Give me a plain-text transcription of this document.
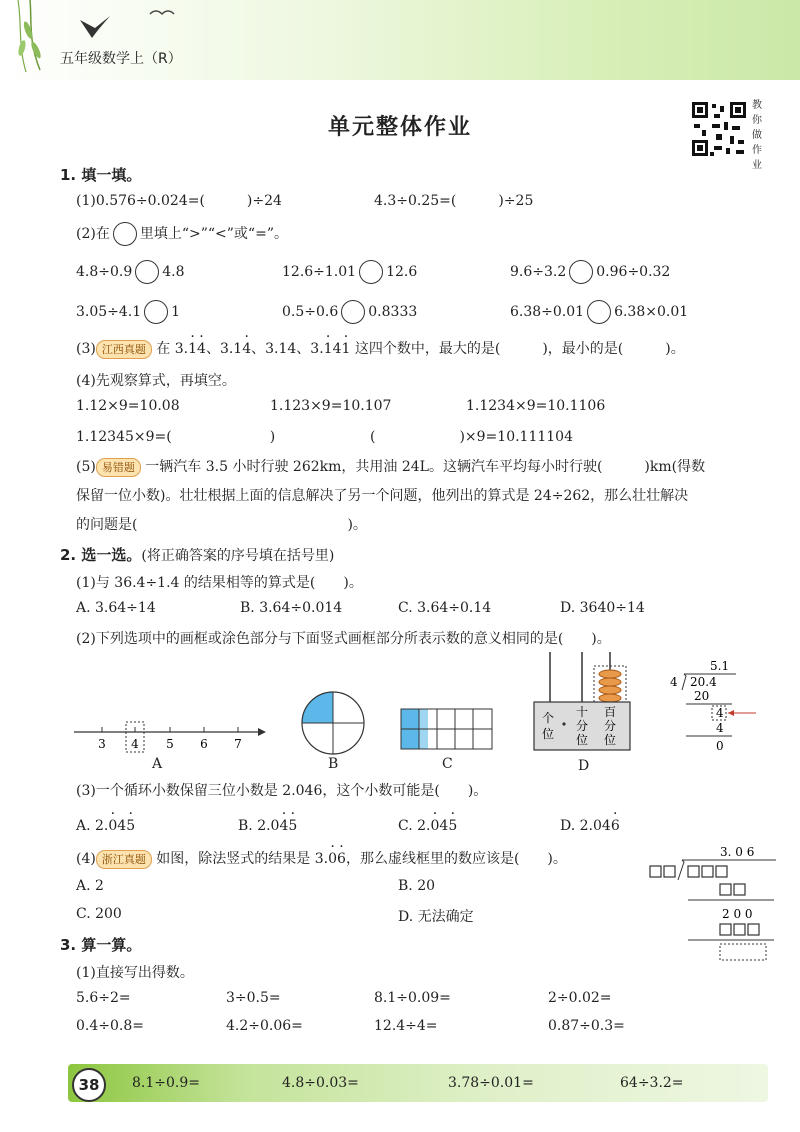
五年级数学上（R）
单元整体作业
教你做作业
1. 填一填。
(1)0.576÷0.024=(　　　)÷24	4.3÷0.25=(　　　)÷25
(2)在 里填上“>”“<”或“=”。
4.8÷0.9 4.8	12.6÷1.01 12.6	9.6÷3.2 0.96÷0.32
3.05÷4.1 1	0.5÷0.6 0.8333	6.38÷0.01 6.38×0.01
(3) 江西真题 在 3.· 1· 4、3.1· 4、3.14、3.· 14· 1 这四个数中，最大的是(　　　)，最小的是(　　　)。
(4)先观察算式，再填空。
1.12×9=10.08	1.123×9=10.107	1.1234×9=10.1106
1.12345×9=(　　　　　　　)	(　　　　　　)×9=10.111104
(5) 易错题 一辆汽车 3.5 小时行驶 262km，共用油 24L。这辆汽车平均每小时行驶(　　　)km(得数
保留一位小数)。壮壮根据上面的信息解决了另一个问题，他列出的算式是 24÷262，那么壮壮解决
的问题是(　　　　　　　　　　　　　　　)。
2. 选一选。(将正确答案的序号填在括号里)
(1)与 36.4÷1.4 的结果相等的算式是(　　)。
A. 3.64÷14	B. 3.64÷0.014	C. 3.64÷0.14	D. 3640÷14
(2)下列选项中的画框或涂色部分与下面竖式画框部分所表示数的意义相同的是(　　)。
3 4 5 6 7
A	B	C
个
位
十
分
位
百
分
位
D
5.1
4 20.4
20
4
4
0
(3)一个循环小数保留三位小数是 2.046，这个小数可能是(　　)。
A. 2.· 04· 5	B. 2.0· 4· 5	C. 2.· 04· 5	D. 2.04· 6
(4) 浙江真题 如图，除法竖式的结果是 3.· 0· 6，那么虚线框里的数应该是(　　)。
A. 2	B. 20
C. 200	D. 无法确定
3. 0 6
2 0 0
3. 算一算。
(1)直接写出得数。
5.6÷2=	3÷0.5=	8.1÷0.09=	2÷0.02=
0.4÷0.8=	4.2÷0.06=	12.4÷4=	0.87÷0.3=
38	8.1÷0.9=	4.8÷0.03=	3.78÷0.01=	64÷3.2=
